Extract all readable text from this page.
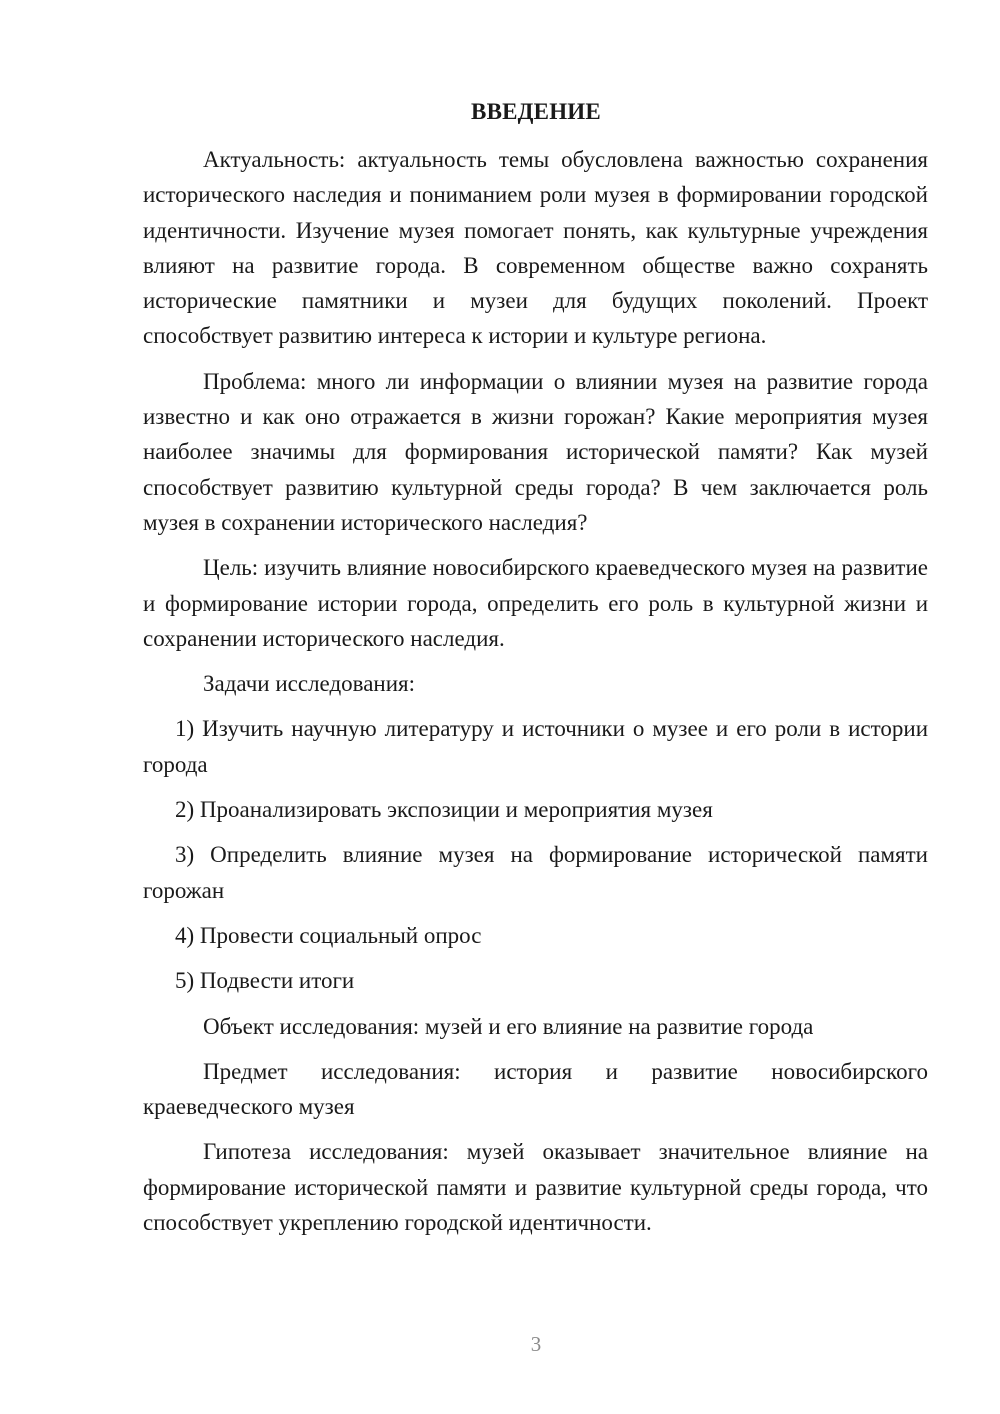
ВВЕДЕНИЕ

Актуальность: актуальность темы обусловлена важностью сохранения исторического наследия и пониманием роли музея в формировании городской идентичности. Изучение музея помогает понять, как культурные учреждения влияют на развитие города. В современном обществе важно сохранять исторические памятники и музеи для будущих поколений. Проект способствует развитию интереса к истории и культуре региона.

Проблема: много ли информации о влиянии музея на развитие города известно и как оно отражается в жизни горожан? Какие мероприятия музея наиболее значимы для формирования исторической памяти? Как музей способствует развитию культурной среды города? В чем заключается роль музея в сохранении исторического наследия?

Цель: изучить влияние новосибирского краеведческого музея на развитие и формирование истории города, определить его роль в культурной жизни и сохранении исторического наследия.

Задачи исследования:

1) Изучить научную литературу и источники о музее и его роли в истории города

2) Проанализировать экспозиции и мероприятия музея

3) Определить влияние музея на формирование исторической памяти горожан

4) Провести социальный опрос

5) Подвести итоги

Объект исследования: музей и его влияние на развитие города

Предмет исследования: история и развитие новосибирского краеведческого музея

Гипотеза исследования: музей оказывает значительное влияние на формирование исторической памяти и развитие культурной среды города, что способствует укреплению городской идентичности.

3
